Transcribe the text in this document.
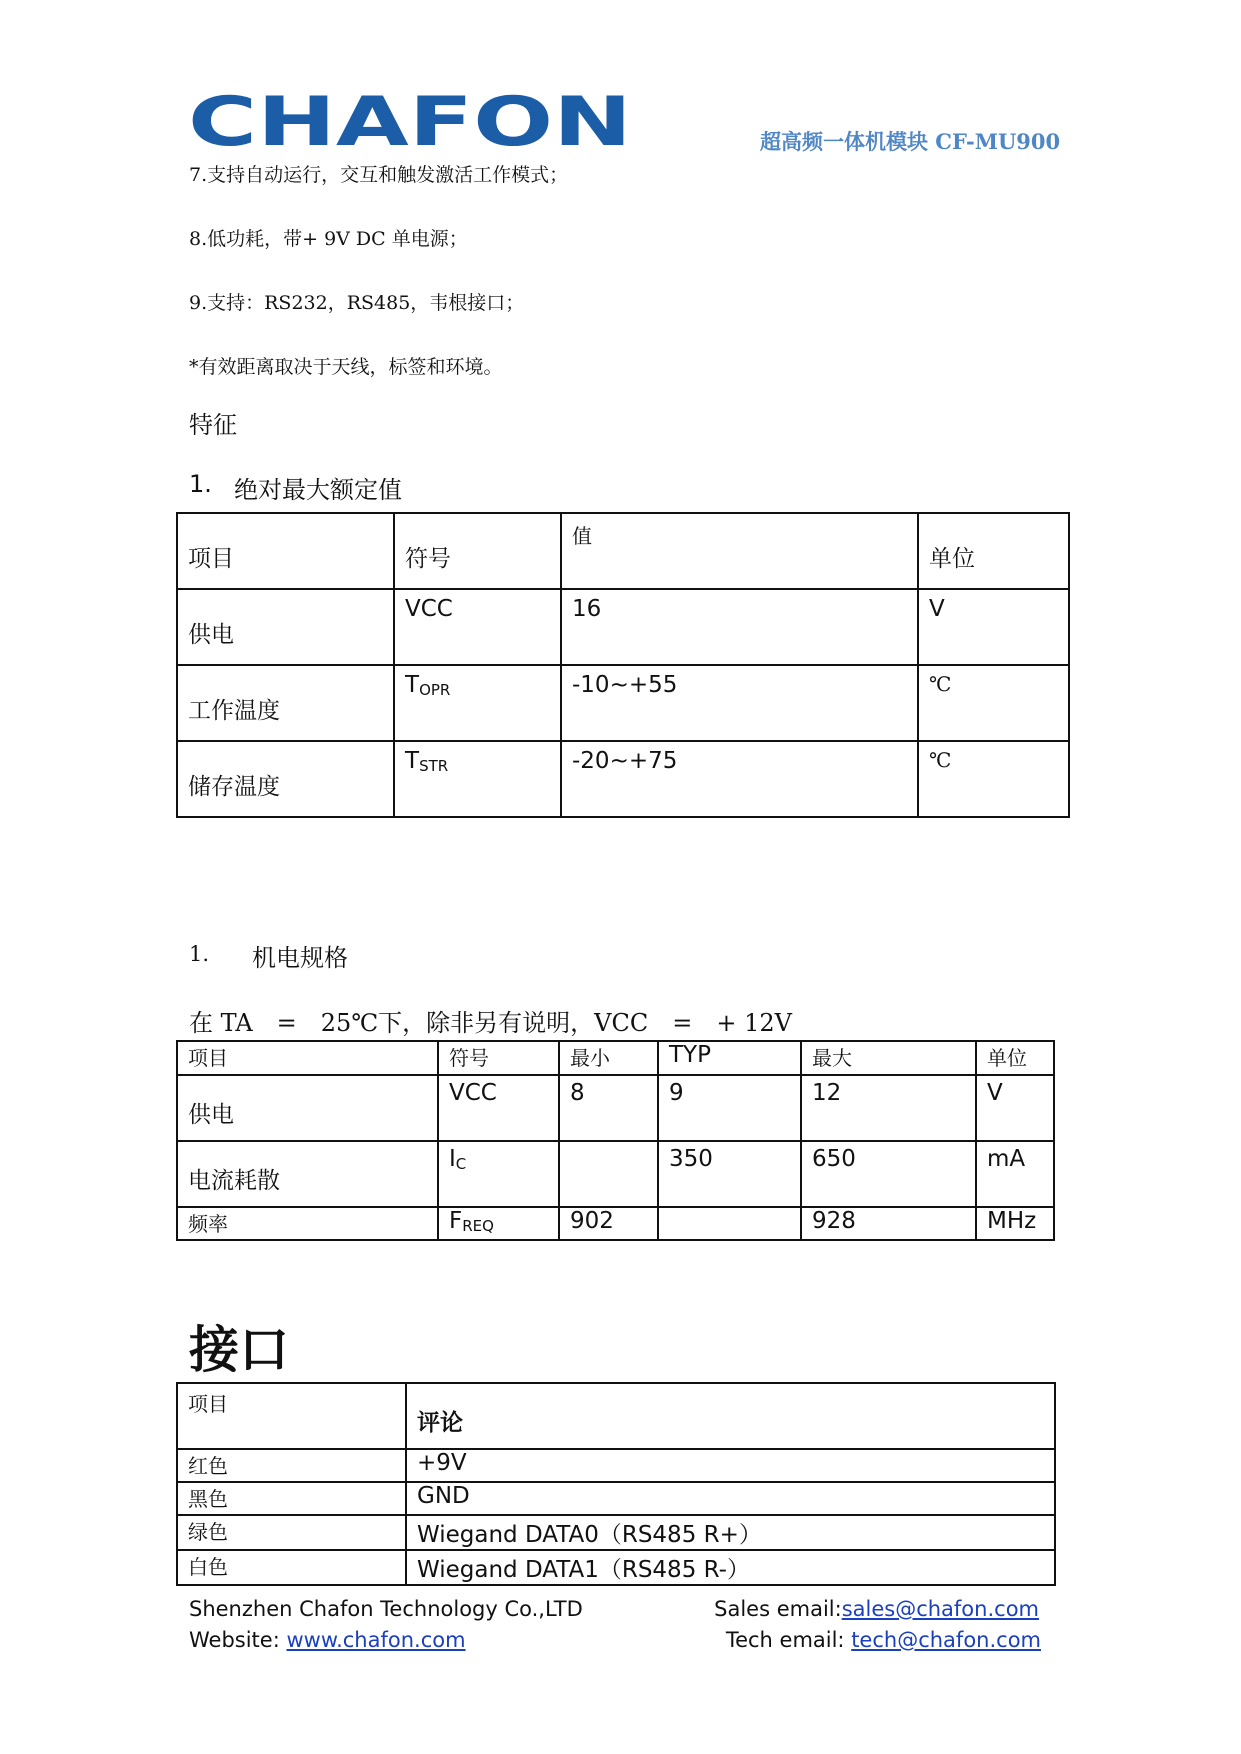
CHAFON	超高频一体机模块 CF-MU900
7.支持自动运行，交互和触发激活工作模式；
8.低功耗，带+ 9V DC 单电源；
9.支持：RS232，RS485，韦根接口；
*有效距离取决于天线，标签和环境。
特征
1. 绝对最大额定值
项目	符号	值	单位
供电	VCC	16	V
工作温度	$T_{OPR}$	-10~+55	℃
储存温度	$T_{STR}$	-20~+75	℃
1. 机电规格
在 TA　=　25℃下，除非另有说明，VCC　=　+ 12V
项目	符号	最小	TYP	最大	单位
供电	VCC	8	9	12	V
电流耗散	$I_C$		350	650	mA
频率	$F_{REQ}$	902		928	MHz
接口
项目	评论
红色	+9V
黑色	GND
绿色	Wiegand DATA0（RS485 R+）
白色	Wiegand DATA1（RS485 R-）
Shenzhen Chafon Technology Co.,LTD
Website: www.chafon.com
Sales email:sales@chafon.com
Tech email: tech@chafon.com
